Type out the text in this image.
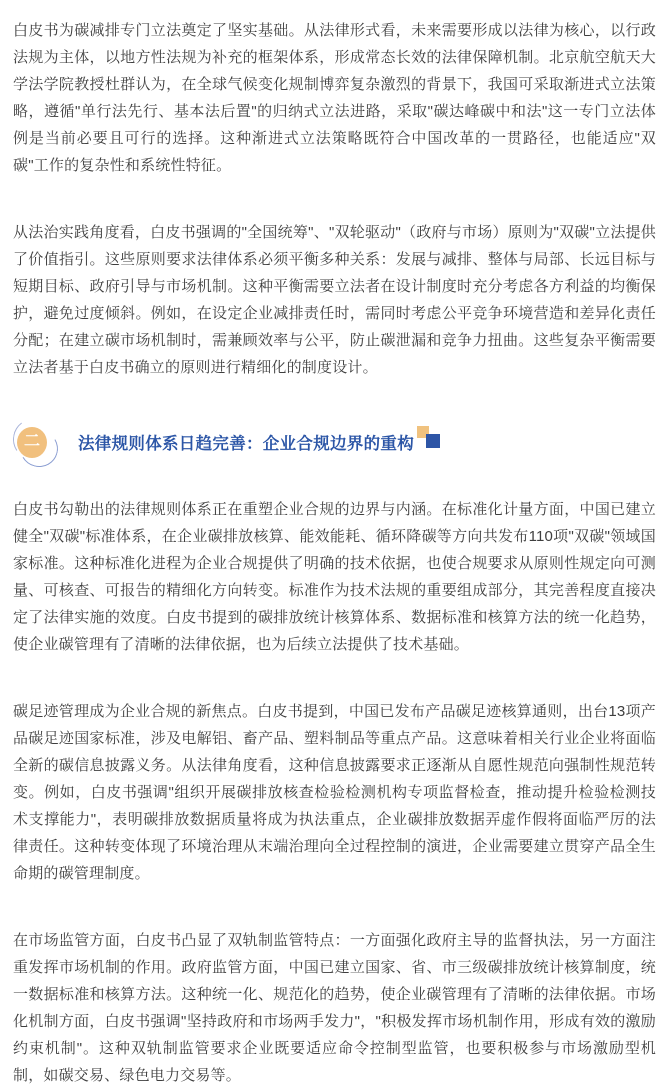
白皮书为碳减排专门立法奠定了坚实基础。从法律形式看，未来需要形成以法律为核心，以行政法规为主体，以地方性法规为补充的框架体系，形成常态长效的法律保障机制。北京航空航天大学法学院教授杜群认为，在全球气候变化规制博弈复杂激烈的背景下，我国可采取渐进式立法策略，遵循"单行法先行、基本法后置"的归纳式立法进路，采取"碳达峰碳中和法"这一专门立法体例是当前必要且可行的选择。这种渐进式立法策略既符合中国改革的一贯路径，也能适应"双碳"工作的复杂性和系统性特征。

从法治实践角度看，白皮书强调的"全国统筹"、"双轮驱动"（政府与市场）原则为"双碳"立法提供了价值指引。这些原则要求法律体系必须平衡多种关系：发展与减排、整体与局部、长远目标与短期目标、政府引导与市场机制。这种平衡需要立法者在设计制度时充分考虑各方利益的均衡保护，避免过度倾斜。例如，在设定企业减排责任时，需同时考虑公平竞争环境营造和差异化责任分配；在建立碳市场机制时，需兼顾效率与公平，防止碳泄漏和竞争力扭曲。这些复杂平衡需要立法者基于白皮书确立的原则进行精细化的制度设计。

二 法律规则体系日趋完善：企业合规边界的重构

白皮书勾勒出的法律规则体系正在重塑企业合规的边界与内涵。在标准化计量方面，中国已建立健全"双碳"标准体系，在企业碳排放核算、能效能耗、循环降碳等方向共发布110项"双碳"领域国家标准。这种标准化进程为企业合规提供了明确的技术依据，也使合规要求从原则性规定向可测量、可核查、可报告的精细化方向转变。标准作为技术法规的重要组成部分，其完善程度直接决定了法律实施的效度。白皮书提到的碳排放统计核算体系、数据标准和核算方法的统一化趋势，使企业碳管理有了清晰的法律依据，也为后续立法提供了技术基础。

碳足迹管理成为企业合规的新焦点。白皮书提到，中国已发布产品碳足迹核算通则，出台13项产品碳足迹国家标准，涉及电解铝、畜产品、塑料制品等重点产品。这意味着相关行业企业将面临全新的碳信息披露义务。从法律角度看，这种信息披露要求正逐渐从自愿性规范向强制性规范转变。例如，白皮书强调"组织开展碳排放核查检验检测机构专项监督检查，推动提升检验检测技术支撑能力"，表明碳排放数据质量将成为执法重点，企业碳排放数据弄虚作假将面临严厉的法律责任。这种转变体现了环境治理从末端治理向全过程控制的演进，企业需要建立贯穿产品全生命期的碳管理制度。

在市场监管方面，白皮书凸显了双轨制监管特点：一方面强化政府主导的监督执法，另一方面注重发挥市场机制的作用。政府监管方面，中国已建立国家、省、市三级碳排放统计核算制度，统一数据标准和核算方法。这种统一化、规范化的趋势，使企业碳管理有了清晰的法律依据。市场化机制方面，白皮书强调"坚持政府和市场两手发力"，"积极发挥市场机制作用，形成有效的激励约束机制"。这种双轨制监管要求企业既要适应命令控制型监管，也要积极参与市场激励型机制，如碳交易、绿色电力交易等。
